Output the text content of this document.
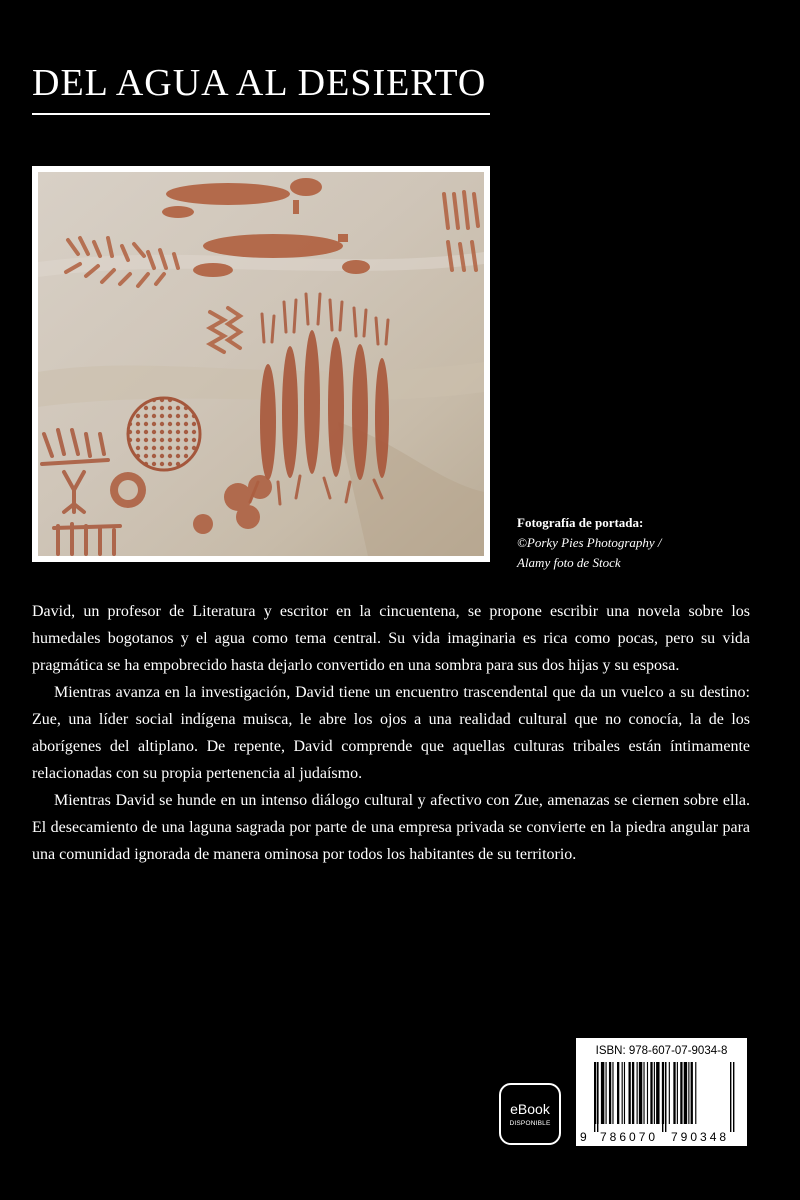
DEL AGUA AL DESIERTO
Fotografía de portada:
©Porky Pies Photography /
Alamy foto de Stock

David, un profesor de Literatura y escritor en la cincuentena, se propone escribir una novela sobre los humedales bogotanos y el agua como tema central. Su vida imaginaria es rica como pocas, pero su vida pragmática se ha empobrecido hasta dejarlo convertido en una sombra para sus dos hijas y su esposa.

Mientras avanza en la investigación, David tiene un encuentro trascendental que da un vuelco a su destino: Zue, una líder social indígena muisca, le abre los ojos a una realidad cultural que no conocía, la de los aborígenes del altiplano. De repente, David comprende que aquellas culturas tribales están íntimamente relacionadas con su propia pertenencia al judaísmo.

Mientras David se hunde en un intenso diálogo cultural y afectivo con Zue, amenazas se ciernen sobre ella. El desecamiento de una laguna sagrada por parte de una empresa privada se convierte en la piedra angular para una comunidad ignorada de manera ominosa por todos los habitantes de su territorio.

eBook
DISPONIBLE
ISBN: 978-607-07-9034-8
9 786070 790348
